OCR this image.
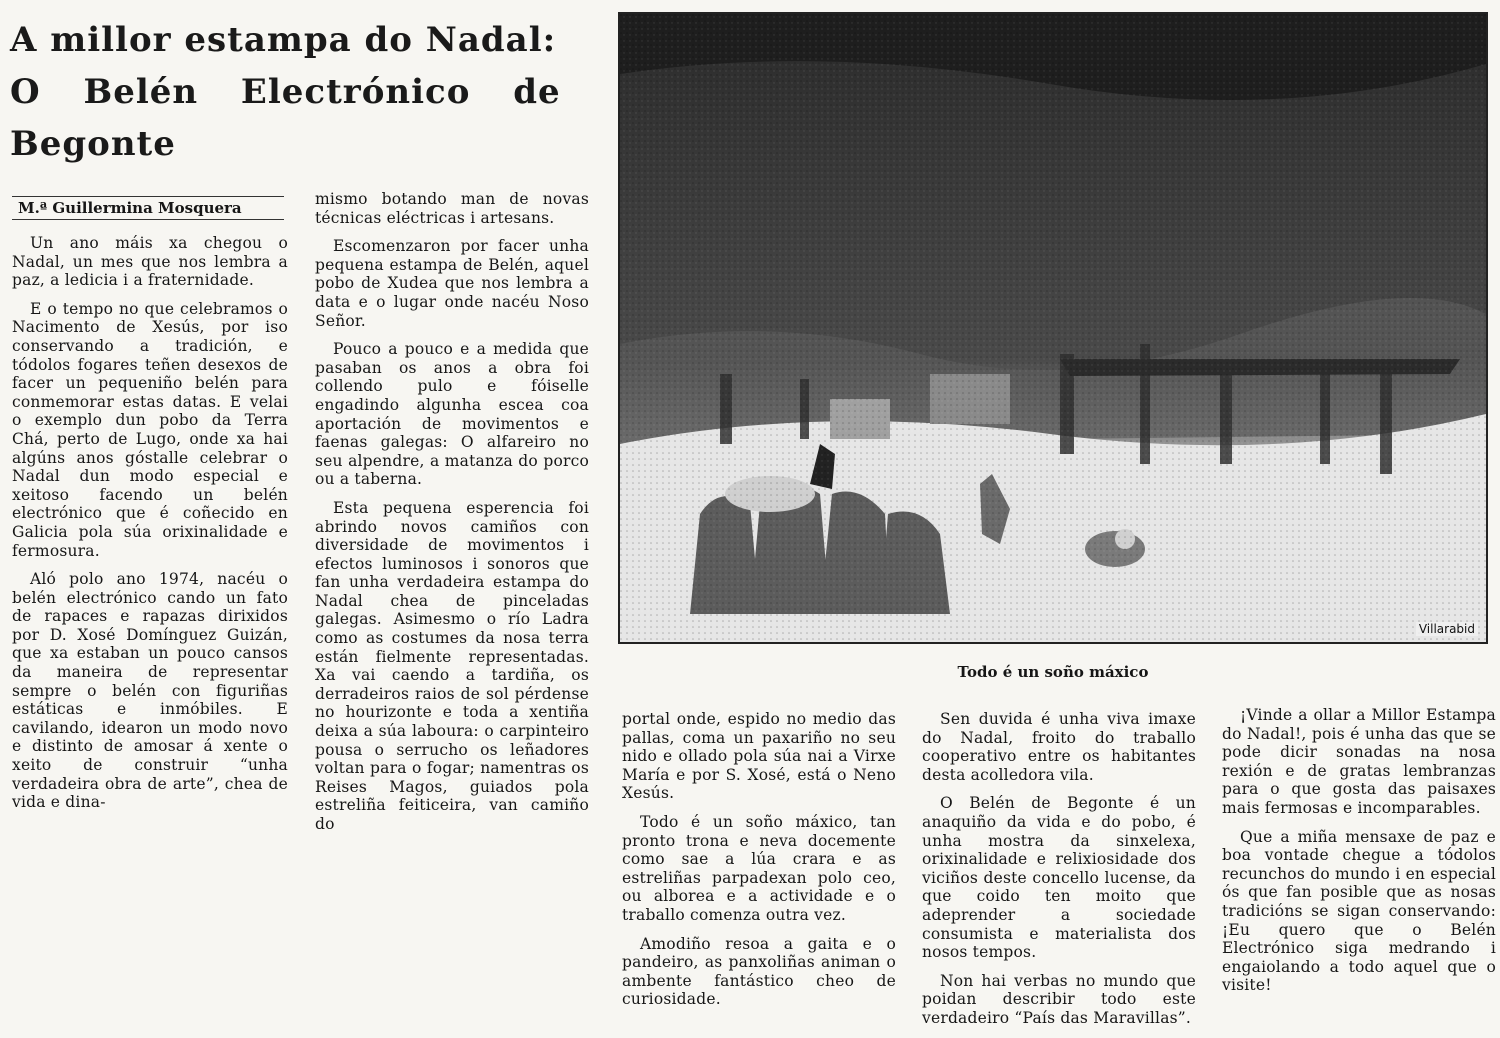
A millor estampa do Nadal:
O Belén Electrónico de
Begonte
M.ª Guillermina Mosquera

Un ano máis xa chegou o Nadal, un mes que nos lembra a paz, a ledicia i a fraternidade.

E o tempo no que celebramos o Nacimento de Xesús, por iso conservando a tradición, e tódolos fogares teñen desexos de facer un pequeniño belén para conmemorar estas datas. E velai o exemplo dun pobo da Terra Chá, perto de Lugo, onde xa hai algúns anos góstalle celebrar o Nadal dun modo especial e xeitoso facendo un belén electrónico que é coñecido en Galicia pola súa orixinalidade e fermosura.

Aló polo ano 1974, nacéu o belén electrónico cando un fato de rapaces e rapazas dirixidos por D. Xosé Domínguez Guizán, que xa estaban un pouco cansos da maneira de representar sempre o belén con figuriñas estáticas e inmóbiles. E cavilando, idearon un modo novo e distinto de amosar á xente o xeito de construir “unha verdadeira obra de arte”, chea de vida e dina-

mismo botando man de novas técnicas eléctricas i artesans.

Escomenzaron por facer unha pequena estampa de Belén, aquel pobo de Xudea que nos lembra a data e o lugar onde nacéu Noso Señor.

Pouco a pouco e a medida que pasaban os anos a obra foi collendo pulo e fóiselle engadindo algunha escea coa aportación de movimentos e faenas galegas: O alfareiro no seu alpendre, a matanza do porco ou a taberna.

Esta pequena esperencia foi abrindo novos camiños con diversidade de movimentos i efectos luminosos i sonoros que fan unha verdadeira estampa do Nadal chea de pinceladas galegas. Asimesmo o río Ladra como as costumes da nosa terra están fielmente representadas. Xa vai caendo a tardiña, os derradeiros raios de sol pérdense no hourizonte e toda a xentiña deixa a súa laboura: o carpinteiro pousa o serrucho os leñadores voltan para o fogar; namentras os Reises Magos, guiados pola estreliña feiticeira, van camiño do

Villarabid
Todo é un soño máxico

portal onde, espido no medio das pallas, coma un paxariño no seu nido e ollado pola súa nai a Virxe María e por S. Xosé, está o Neno Xesús.

Todo é un soño máxico, tan pronto trona e neva docemente como sae a lúa crara e as estreliñas parpadexan polo ceo, ou alborea e a actividade e o traballo comenza outra vez.

Amodiño resoa a gaita e o pandeiro, as panxoliñas animan o ambente fantástico cheo de curiosidade.

Sen duvida é unha viva imaxe do Nadal, froito do traballo cooperativo entre os habitantes desta acolledora vila.

O Belén de Begonte é un anaquiño da vida e do pobo, é unha mostra da sinxelexa, orixinalidade e relixiosidade dos viciños deste concello lucense, da que coido ten moito que adeprender a sociedade consumista e materialista dos nosos tempos.

Non hai verbas no mundo que poidan describir todo este verdadeiro “País das Maravillas”.

¡Vinde a ollar a Millor Estampa do Nadal!, pois é unha das que se pode dicir sonadas na nosa rexión e de gratas lembranzas para o que gosta das paisaxes mais fermosas e incomparables.

Que a miña mensaxe de paz e boa vontade chegue a tódolos recunchos do mundo i en especial ós que fan posible que as nosas tradicións se sigan conservando: ¡Eu quero que o Belén Electrónico siga medrando i engaiolando a todo aquel que o visite!
